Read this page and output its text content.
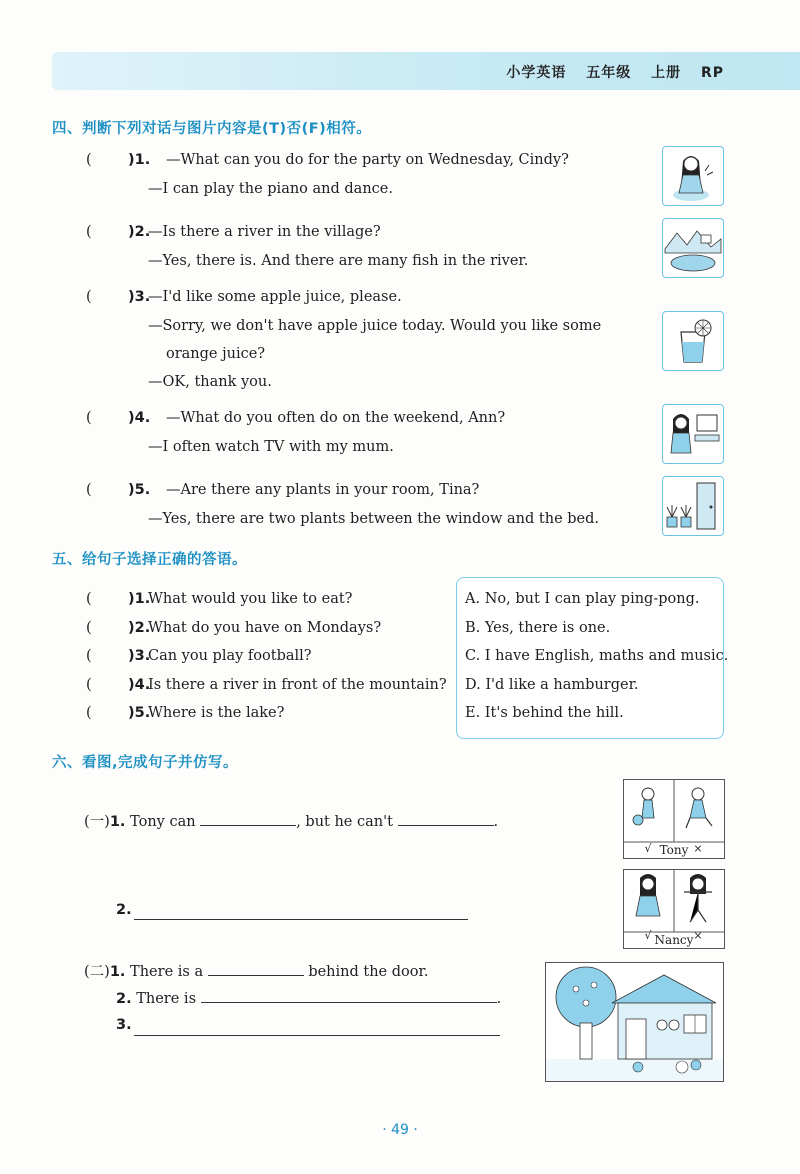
小学英语 五年级 上册 RP
四、判断下列对话与图片内容是(T)否(F)相符。
(	)1. —What can you do for the party on Wednesday, Cindy?
—I can play the piano and dance.
(	)2.
—Is there a river in the village?
—Yes, there is. And there are many fish in the river.
(	)3.
—I'd like some apple juice, please.
—Sorry, we don't have apple juice today. Would you like some
orange juice?
—OK, thank you.
(	)4. —What do you often do on the weekend, Ann?
—I often watch TV with my mum.
(	)5. —Are there any plants in your room, Tina?
—Yes, there are two plants between the window and the bed.
五、给句子选择正确的答语。
(	)1.
What would you like to eat?
(	)2.
What do you have on Mondays?
(	)3.
Can you play football?
(	)4.
Is there a river in front of the mountain?
(	)5.
Where is the lake?
A. No, but I can play ping-pong.
B. Yes, there is one.
C. I have English, maths and music.
D. I'd like a hamburger.
E. It's behind the hill.
六、看图,完成句子并仿写。
(一)1. Tony can	, but he can't	.
2.
√	×
Tony
√	×
Nancy
(二)1. There is a	behind the door.
2. There is	.
3.
· 49 ·
